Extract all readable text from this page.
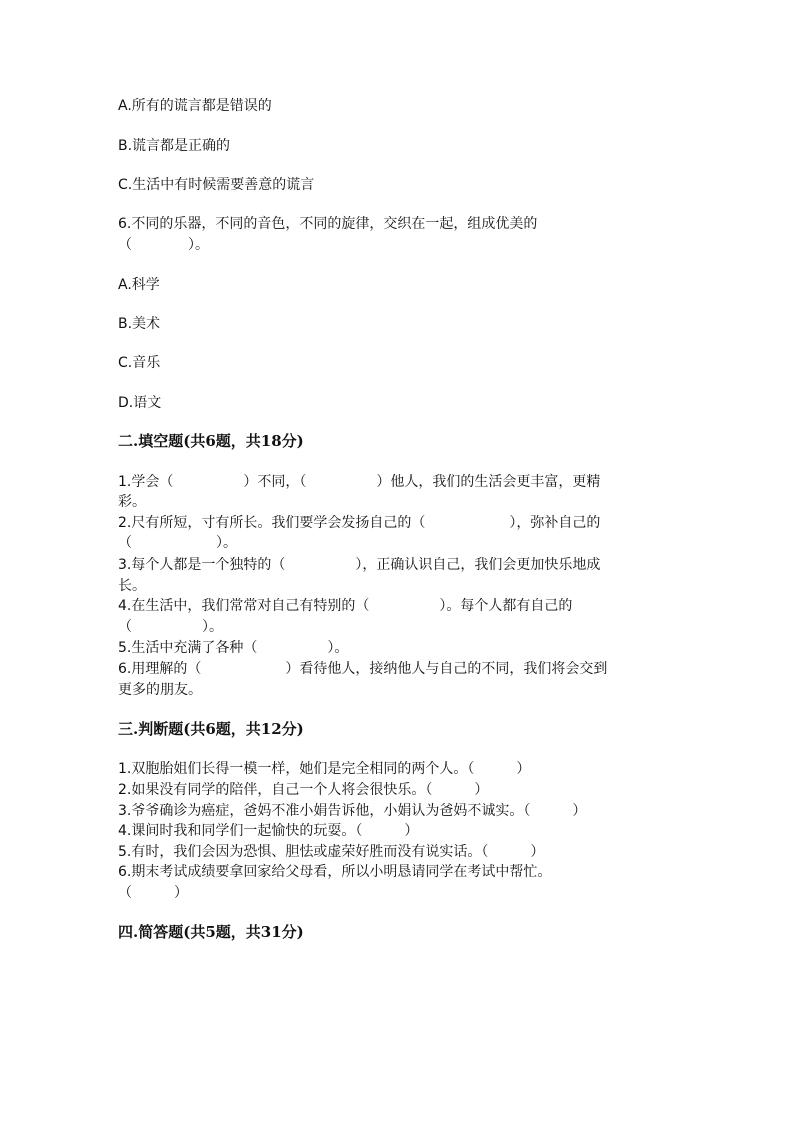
A.所有的谎言都是错误的
B.谎言都是正确的
C.生活中有时候需要善意的谎言
6.不同的乐器，不同的音色，不同的旋律，交织在一起，组成优美的
（　　　　）。
A.科学
B.美术
C.音乐
D.语文
二.填空题(共6题，共18分)
1.学会（　　　　　）不同，（　　　　　）他人，我们的生活会更丰富，更精
彩。
2.尺有所短，寸有所长。我们要学会发扬自己的（　　　　　　），弥补自己的
（　　　　　　）。
3.每个人都是一个独特的（　　　　　），正确认识自己，我们会更加快乐地成
长。
4.在生活中，我们常常对自己有特别的（　　　　　）。每个人都有自己的
（　　　　　）。
5.生活中充满了各种（　　　　　）。
6.用理解的（　　　　　　）看待他人，接纳他人与自己的不同，我们将会交到
更多的朋友。
三.判断题(共6题，共12分)
1.双胞胎姐们长得一模一样，她们是完全相同的两个人。（　　　）
2.如果没有同学的陪伴，自己一个人将会很快乐。（　　　）
3.爷爷确诊为癌症，爸妈不准小娟告诉他，小娟认为爸妈不诚实。（　　　）
4.课间时我和同学们一起愉快的玩耍。（　　　）
5.有时，我们会因为恐惧、胆怯或虚荣好胜而没有说实话。（　　　）
6.期末考试成绩要拿回家给父母看，所以小明恳请同学在考试中帮忙。
（　　　）
四.简答题(共5题，共31分)
